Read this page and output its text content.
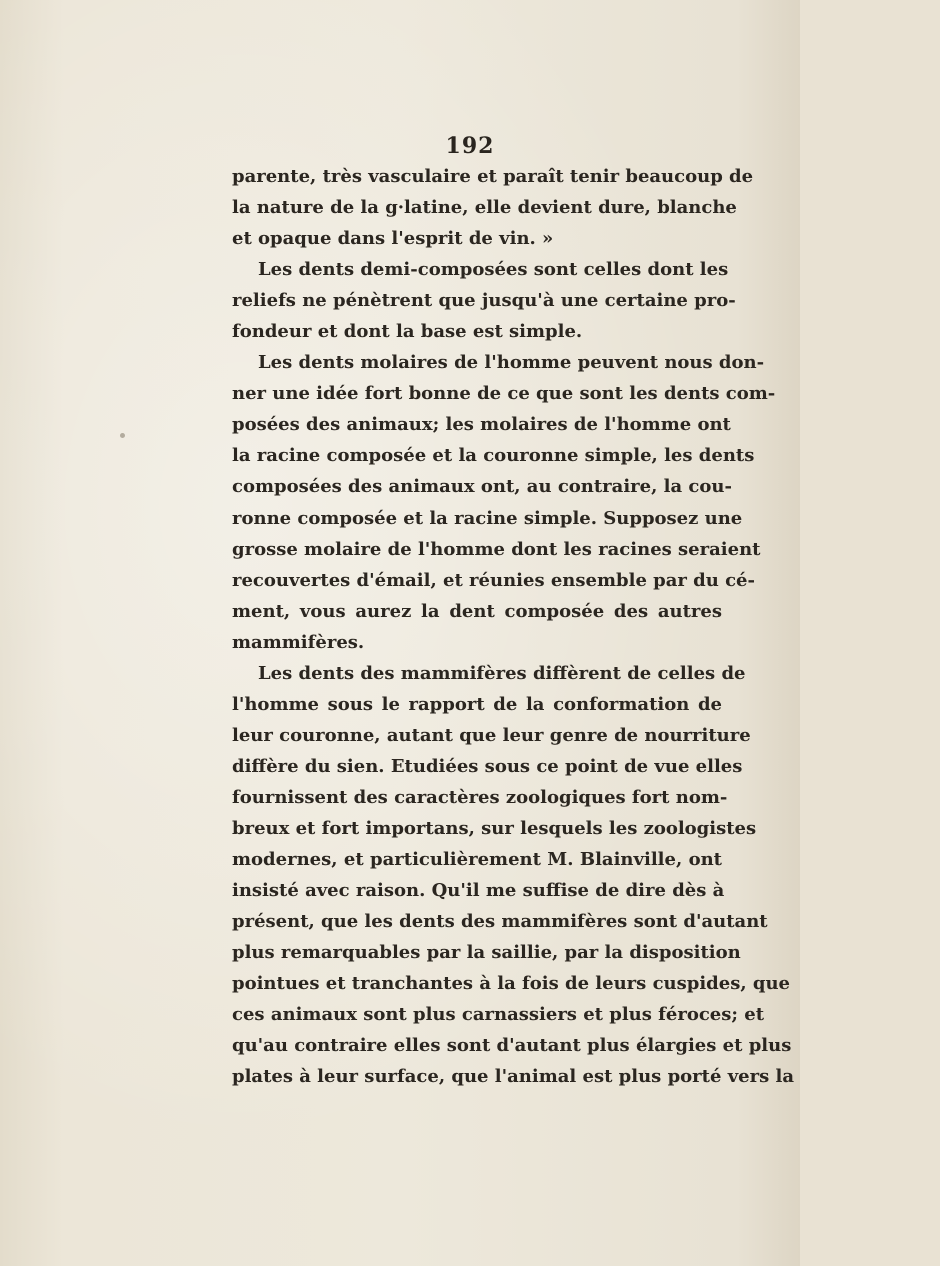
192
parente, très vasculaire et paraît tenir beaucoup de
la nature de la g·latine, elle devient dure, blanche
et opaque dans l'esprit de vin. »
Les dents demi-composées sont celles dont les
reliefs ne pénètrent que jusqu'à une certaine pro-
fondeur et dont la base est simple.
Les dents molaires de l'homme peuvent nous don-
ner une idée fort bonne de ce que sont les dents com-
posées des animaux; les molaires de l'homme ont
la racine composée et la couronne simple, les dents
composées des animaux ont, au contraire, la cou-
ronne composée et la racine simple. Supposez une
grosse molaire de l'homme dont les racines seraient
recouvertes d'émail, et réunies ensemble par du cé-
ment, vous aurez la dent composée des autres
mammifères.
Les dents des mammifères diffèrent de celles de
l'homme sous le rapport de la conformation de
leur couronne, autant que leur genre de nourriture
diffère du sien. Etudiées sous ce point de vue elles
fournissent des caractères zoologiques fort nom-
breux et fort importans, sur lesquels les zoologistes
modernes, et particulièrement M. Blainville, ont
insisté avec raison. Qu'il me suffise de dire dès à
présent, que les dents des mammifères sont d'autant
plus remarquables par la saillie, par la disposition
pointues et tranchantes à la fois de leurs cuspides, que
ces animaux sont plus carnassiers et plus féroces; et
qu'au contraire elles sont d'autant plus élargies et plus
plates à leur surface, que l'animal est plus porté vers la
